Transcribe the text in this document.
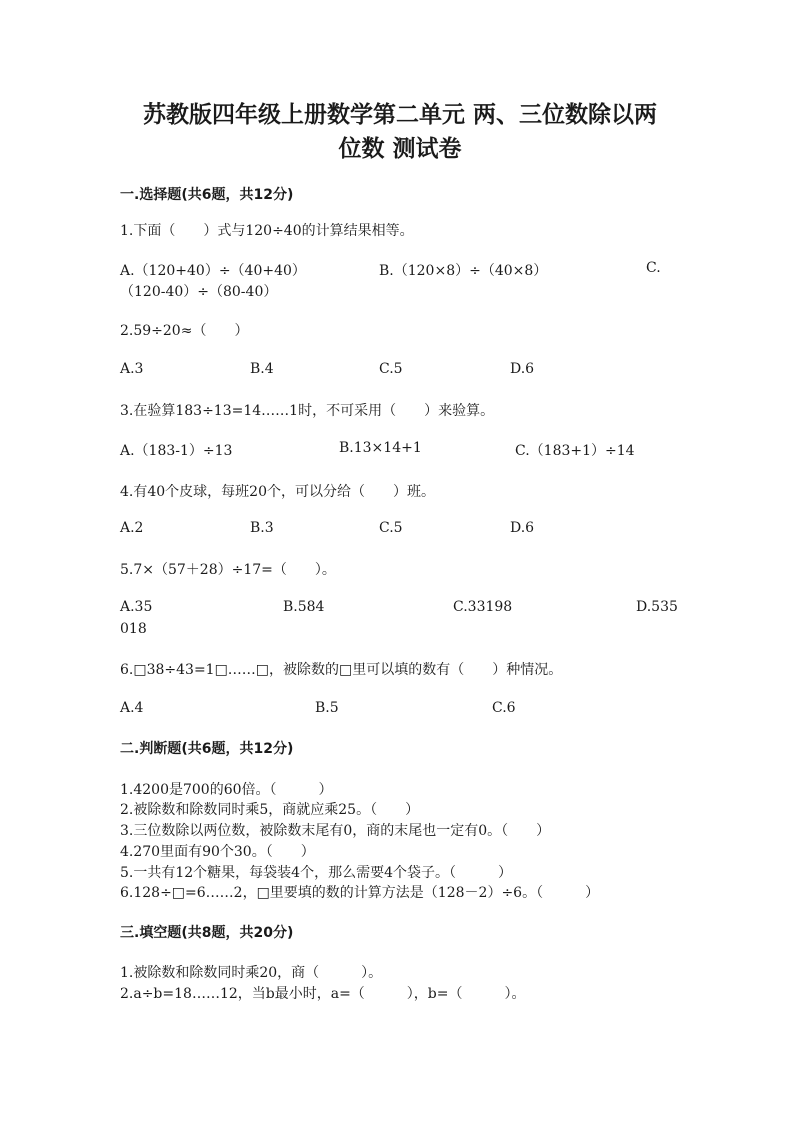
苏教版四年级上册数学第二单元 两、三位数除以两
位数 测试卷
一.选择题(共6题，共12分)
1.下面（　　）式与120÷40的计算结果相等。
A.（120+40）÷（40+40）	B.（120×8）÷（40×8）	C.
（120-40）÷（80-40）
2.59÷20≈（　　）
A.3	B.4	C.5	D.6
3.在验算183÷13=14……1时，不可采用（　　）来验算。
A.（183-1）÷13	B.13×14+1	C.（183+1）÷14
4.有40个皮球，每班20个，可以分给（　　）班。
A.2	B.3	C.5	D.6
5.7×（57＋28）÷17=（　　）。
A.35	B.584	C.33198	D.535
018
6.□38÷43=1□……□，被除数的□里可以填的数有（　　）种情况。
A.4	B.5	C.6
二.判断题(共6题，共12分)
1.4200是700的60倍。（　　　）
2.被除数和除数同时乘5，商就应乘25。（　　）
3.三位数除以两位数，被除数末尾有0，商的末尾也一定有0。（　　）
4.270里面有90个30。（　　）
5.一共有12个糖果，每袋装4个，那么需要4个袋子。（　　　）
6.128÷□=6……2，□里要填的数的计算方法是（128－2）÷6。（　　　）
三.填空题(共8题，共20分)
1.被除数和除数同时乘20，商（　　　）。
2.a÷b=18……12，当b最小时，a=（　　　），b=（　　　）。
